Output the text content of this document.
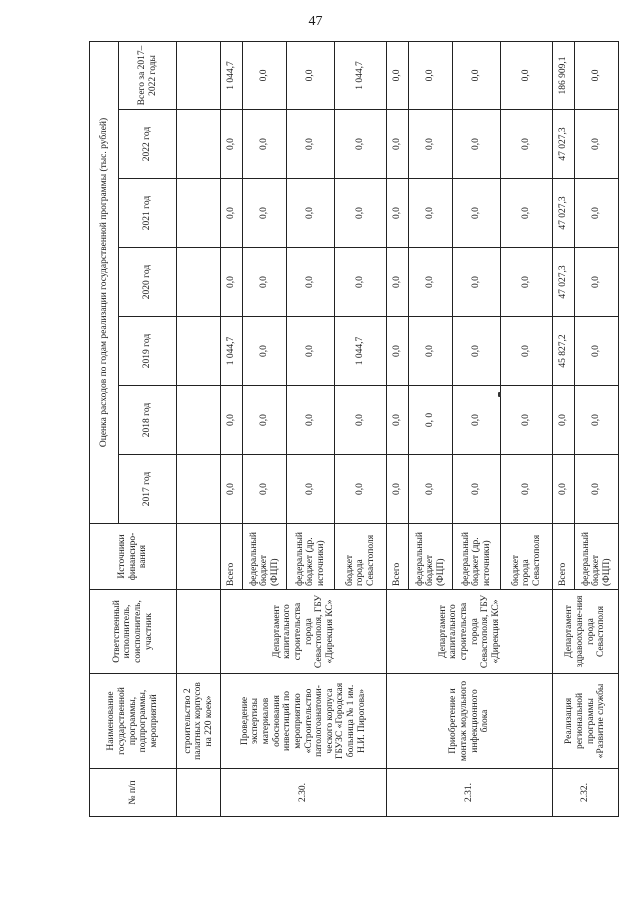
47
№ п/п	Наименование государственной программы, подпрограммы, мероприятий	Ответственный исполнитель, соисполнитель, участник	Источники финансиро-вания	Оценка расходов по годам реализации государственной программы (тыс. рублей)						
				2017 год	2018 год	2019 год	2020 год	2021 год	2022 год	Всего за 2017–2022 годы
	строительство 2 палатных корпусов на 220 коек»									
2.30.	Проведение экспертизы материалов обоснования инвестиций по мероприятию «Строительство патологоанатоми-ческого корпуса ГБУЗС «Городская больница № 1 им. Н.И. Пирогова»	Департамент капитального строительства города Севастополя, ГБУ «Дирекция КС»	Всего	0,0	0,0	1 044,7	0,0	0,0	0,0	1 044,7
			федеральный бюджет (ФЦП)	0,0	0,0	0,0	0,0	0,0	0,0	0,0
			федеральный бюджет (др. источники)	0,0	0,0	0,0	0,0	0,0	0,0	0,0
			бюджет города Севастополя	0,0	0,0	1 044,7	0,0	0,0	0,0	1 044,7
2.31.	Приобретение и монтаж модульного инфекционного блока	Департамент капитального строительства города Севастополя, ГБУ «Дирекция КС»	Всего	0,0	0,0	0,0	0,0	0,0	0,0	0,0
			федеральный бюджет (ФЦП)	0,0	0, 0	0,0	0,0	0,0	0,0	0,0
			федеральный бюджет (др. источники)	0,0	0,0	0,0	0,0	0,0	0,0	0,0
			бюджет города Севастополя	0,0	0,0	0,0	0,0	0,0	0,0	0,0
2.32.	Реализация региональной программы «Развитие службы	Департамент здравоохране-ния города Севастополя	Всего	0,0	0,0	45 827,2	47 027,3	47 027,3	47 027,3	186 909,1
			федеральный бюджет (ФЦП)	0,0	0,0	0,0	0,0	0,0	0,0	0,0
